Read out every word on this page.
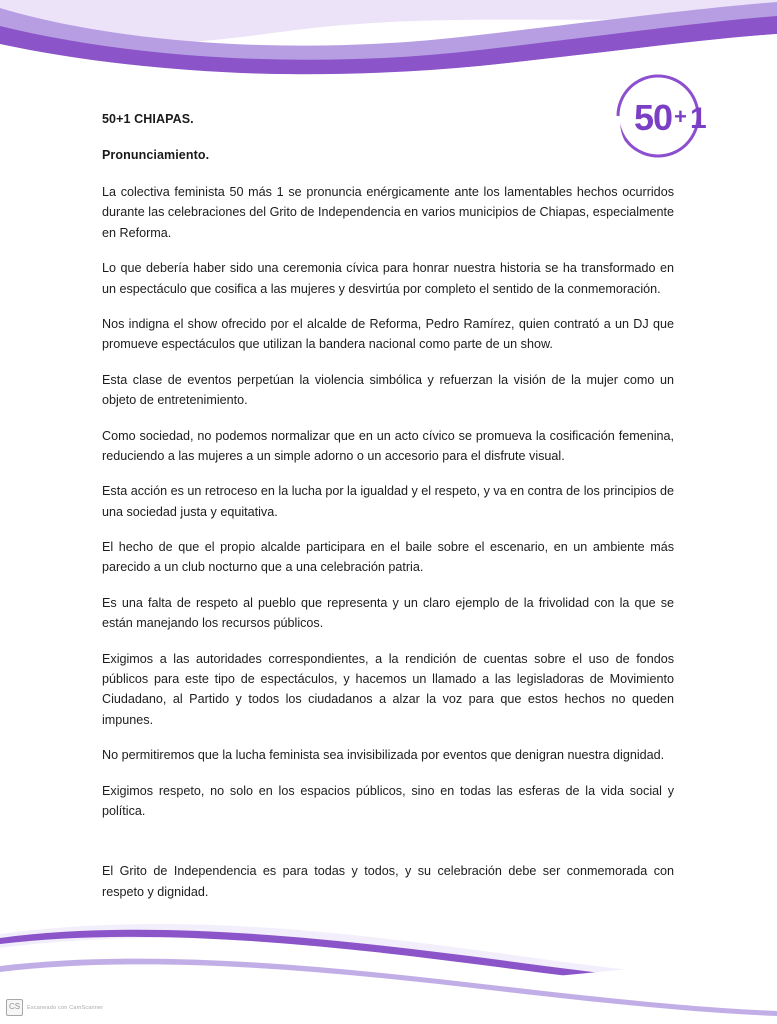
50 + 1
50+1 CHIAPAS.
Pronunciamiento.

La colectiva feminista 50 más 1 se pronuncia enérgicamente ante los lamentables hechos ocurridos durante las celebraciones del Grito de Independencia en varios municipios de Chiapas, especialmente en Reforma.

Lo que debería haber sido una ceremonia cívica para honrar nuestra historia se ha transformado en un espectáculo que cosifica a las mujeres y desvirtúa por completo el sentido de la conmemoración.

Nos indigna el show ofrecido por el alcalde de Reforma, Pedro Ramírez, quien contrató a un DJ que promueve espectáculos que utilizan la bandera nacional como parte de un show.

Esta clase de eventos perpetúan la violencia simbólica y refuerzan la visión de la mujer como un objeto de entretenimiento.

Como sociedad, no podemos normalizar que en un acto cívico se promueva la cosificación femenina, reduciendo a las mujeres a un simple adorno o un accesorio para el disfrute visual.

Esta acción es un retroceso en la lucha por la igualdad y el respeto, y va en contra de los principios de una sociedad justa y equitativa.

El hecho de que el propio alcalde participara en el baile sobre el escenario, en un ambiente más parecido a un club nocturno que a una celebración patria.

Es una falta de respeto al pueblo que representa y un claro ejemplo de la frivolidad con la que se están manejando los recursos públicos.

Exigimos a las autoridades correspondientes, a la rendición de cuentas sobre el uso de fondos públicos para este tipo de espectáculos, y hacemos un llamado a las legisladoras de Movimiento Ciudadano, al Partido y todos los ciudadanos a alzar la voz para que estos hechos no queden impunes.

No permitiremos que la lucha feminista sea invisibilizada por eventos que denigran nuestra dignidad.

Exigimos respeto, no solo en los espacios públicos, sino en todas las esferas de la vida social y política.

El Grito de Independencia es para todas y todos, y su celebración debe ser conmemorada con respeto y dignidad.

CS	Escaneado con CamScanner
